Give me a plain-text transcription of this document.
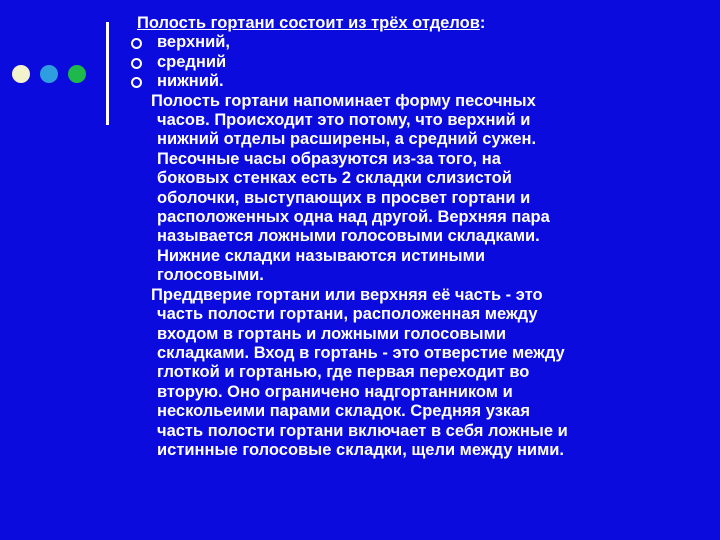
Полость гортани состоит из трёх отделов:
верхний,
средний
нижний.
Полость гортани напоминает форму песочных
часов. Происходит это потому, что верхний и
нижний отделы расширены, а средний сужен.
Песочные часы образуются из-за того, на
боковых стенках есть 2 складки слизистой
оболочки, выступающих в просвет гортани и
расположенных одна над другой. Верхняя пара
называется ложными голосовыми складками.
Нижние складки называются истиными
голосовыми.
Преддверие гортани или верхняя её часть - это
часть полости гортани, расположенная между
входом в гортань и ложными голосовыми
складками. Вход в гортань - это отверстие между
глоткой и гортанью, где первая переходит во
вторую. Оно ограничено надгортанником и
нескольеими парами складок. Средняя узкая
часть полости гортани включает в себя ложные и
истинные голосовые складки, щели между ними.
